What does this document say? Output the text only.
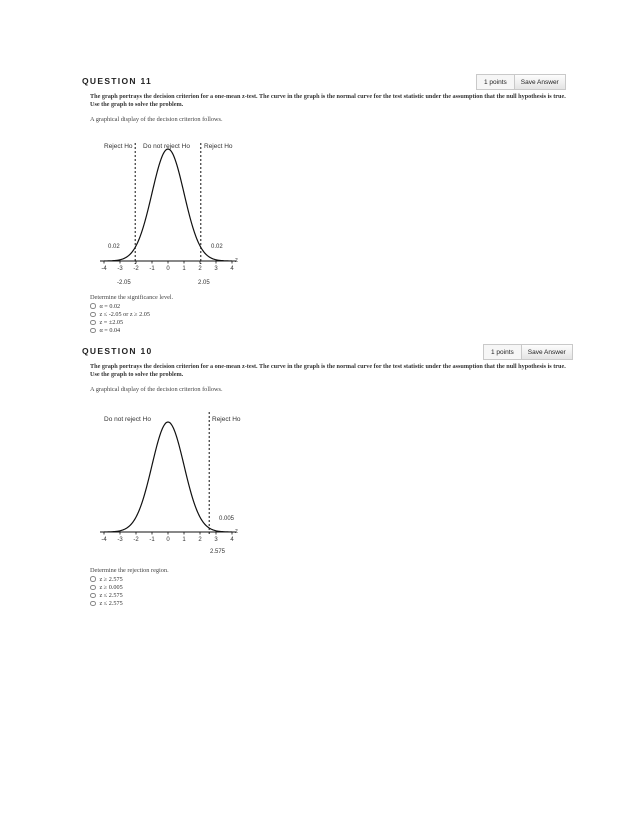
QUESTION 11	1 points	Save Answer
The graph portrays the decision criterion for a one-mean z-test. The curve in the graph is the normal curve for the test statistic under the assumption that the null hypothesis is true. Use the graph to solve the problem.
A graphical display of the decision criterion follows.
-4 -3 -2 -1 0 1 2 3 4
Reject Ho Do not reject Ho Reject Ho
0.02	0.02
z
-2.05	2.05
Determine the significance level.
α = 0.02
z ≤ -2.05 or z ≥ 2.05
z = ±2.05
α = 0.04
QUESTION 10	1 points	Save Answer
The graph portrays the decision criterion for a one-mean z-test. The curve in the graph is the normal curve for the test statistic under the assumption that the null hypothesis is true. Use the graph to solve the problem.
A graphical display of the decision criterion follows.
-4 -3 -2 -1 0 1 2 3 4
Do not reject Ho	Reject Ho
0.005
z
2.575
Determine the rejection region.
z ≥ 2.575
z ≥ 0.005
z ≤ 2.575
z ≤ 2.575
